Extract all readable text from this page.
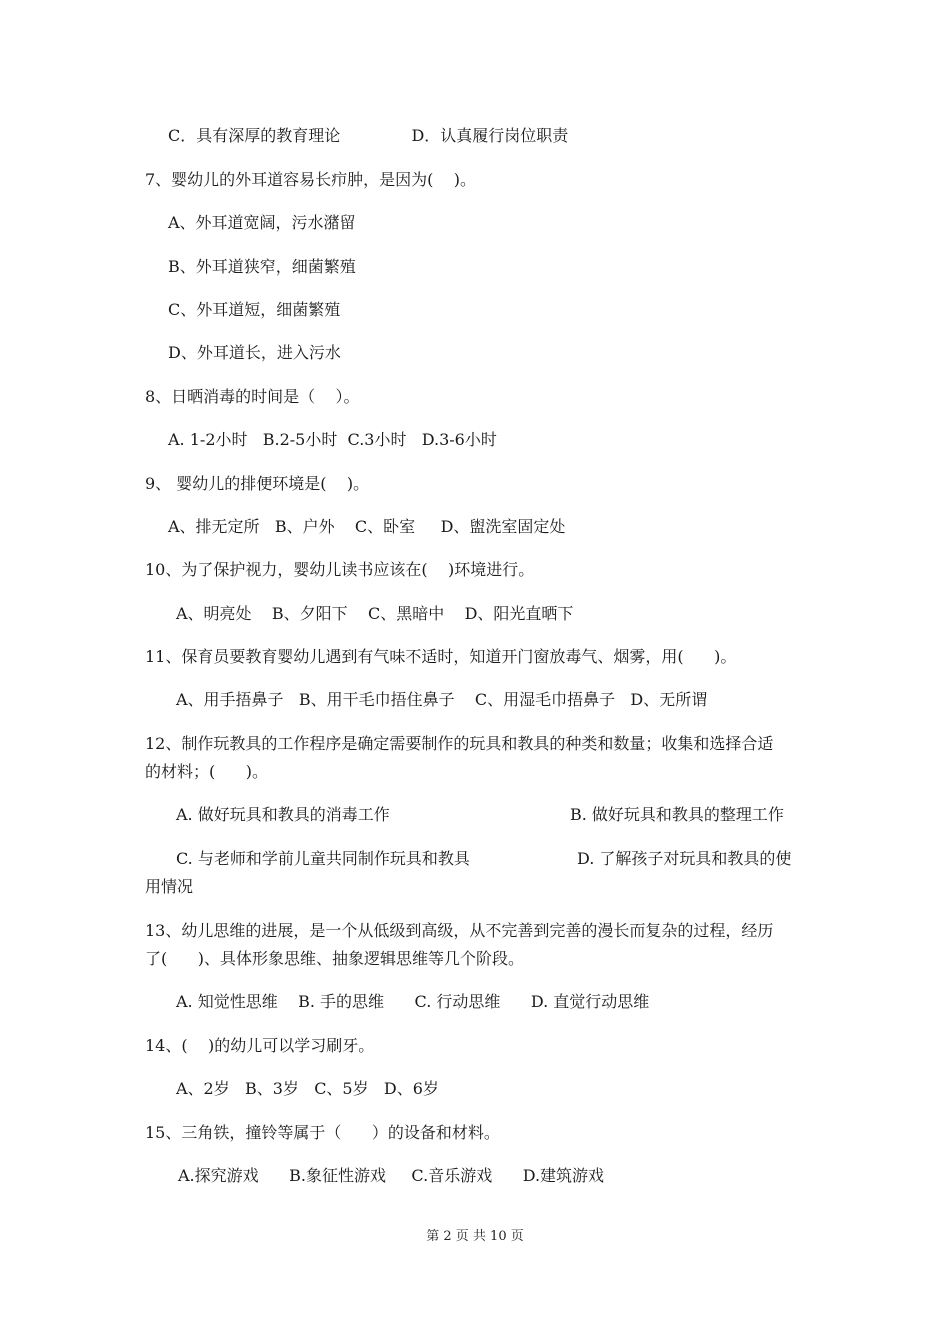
C．具有深厚的教育理论              D．认真履行岗位职责
7、婴幼儿的外耳道容易长疖肿，是因为(    )。
A、外耳道宽阔，污水潴留
B、外耳道狭窄，细菌繁殖
C、外耳道短，细菌繁殖
D、外耳道长，进入污水
8、日晒消毒的时间是（    ）。
A. 1-2小时   B.2-5小时  C.3小时   D.3-6小时
9、 婴幼儿的排便环境是(    )。
A、排无定所   B、户外    C、卧室     D、盥洗室固定处
10、为了保护视力，婴幼儿读书应该在(    )环境进行。
A、明亮处    B、夕阳下    C、黑暗中    D、阳光直晒下
11、保育员要教育婴幼儿遇到有气味不适时，知道开门窗放毒气、烟雾，用(      )。
A、用手捂鼻子   B、用干毛巾捂住鼻子    C、用湿毛巾捂鼻子   D、无所谓
12、制作玩教具的工作程序是确定需要制作的玩具和教具的种类和数量；收集和选择合适
的材料；(      )。
A. 做好玩具和教具的消毒工作	B. 做好玩具和教具的整理工作
C. 与老师和学前儿童共同制作玩具和教具	D. 了解孩子对玩具和教具的使
用情况
13、幼儿思维的进展，是一个从低级到高级，从不完善到完善的漫长而复杂的过程，经历
了(      )、具体形象思维、抽象逻辑思维等几个阶段。
A. 知觉性思维    B. 手的思维      C. 行动思维      D. 直觉行动思维
14、(    )的幼儿可以学习刷牙。
A、2岁   B、3岁   C、5岁   D、6岁
15、三角铁，撞铃等属于（      ）的设备和材料。
A.探究游戏      B.象征性游戏     C.音乐游戏      D.建筑游戏
第 2 页 共 10 页
